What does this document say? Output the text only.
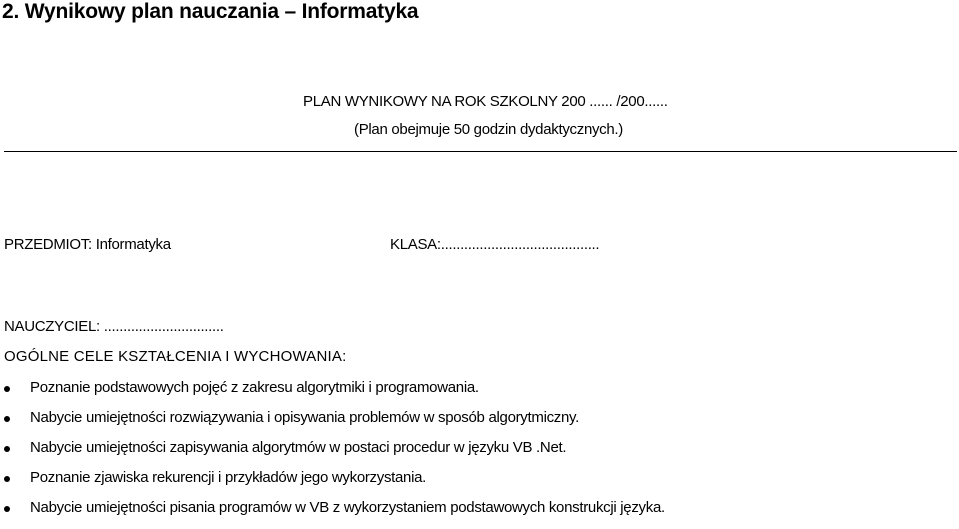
2. Wynikowy plan nauczania – Informatyka
PLAN WYNIKOWY NA ROK SZKOLNY 200 ...... /200......
(Plan obejmuje 50 godzin dydaktycznych.)
PRZEDMIOT: Informatyka	KLASA:.........................................
NAUCZYCIEL: ...............................
OGÓLNE CELE KSZTAŁCENIA I WYCHOWANIA:
Poznanie podstawowych pojęć z zakresu algorytmiki i programowania.
Nabycie umiejętności rozwiązywania i opisywania problemów w sposób algorytmiczny.
Nabycie umiejętności zapisywania algorytmów w postaci procedur w języku VB .Net.
Poznanie zjawiska rekurencji i przykładów jego wykorzystania.
Nabycie umiejętności pisania programów w VB z wykorzystaniem podstawowych konstrukcji języka.
